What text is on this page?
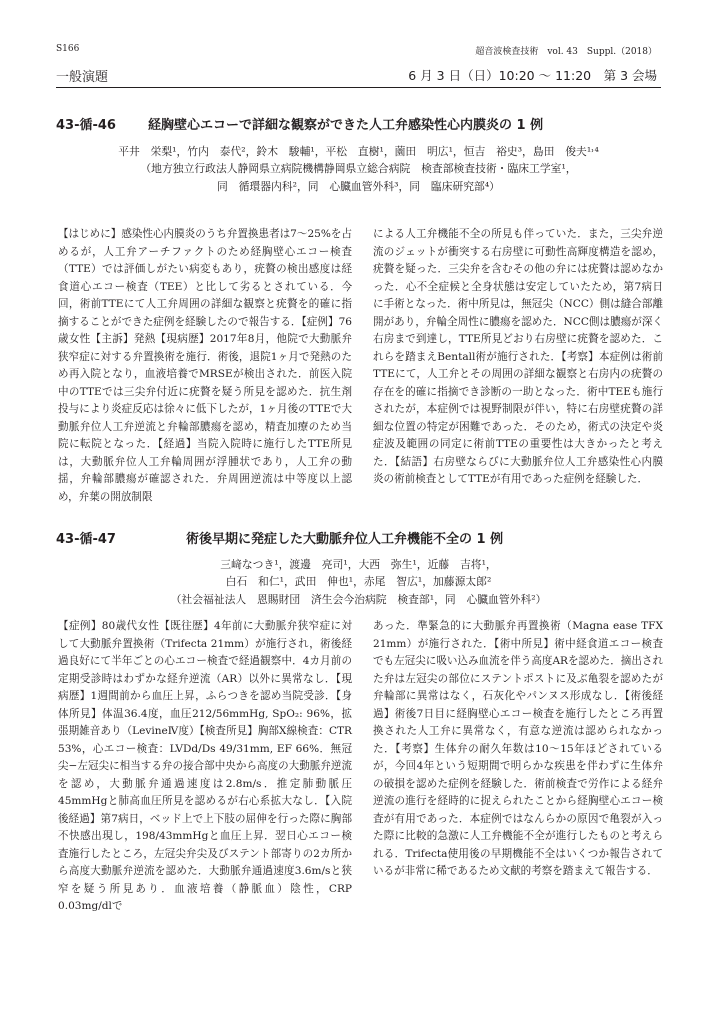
S166	超音波検査技術　vol. 43　Suppl.（2018）
一般演題	6 月 3 日（日）10:20 〜 11:20　第 3 会場
43-循-46 経胸壁心エコーで詳細な観察ができた人工弁感染性心内膜炎の 1 例
平井　栄梨¹，竹内　泰代²，鈴木　駿輔¹，平松　直樹¹，薗田　明広¹，恒吉　裕史³，島田　俊夫¹˒⁴
（地方独立行政法人静岡県立病院機構静岡県立総合病院　検査部検査技術・臨床工学室¹，
同　循環器内科²，同　心臓血管外科³，同　臨床研究部⁴）

【はじめに】感染性心内膜炎のうち弁置換患者は7〜25%を占めるが，人工弁アーチファクトのため経胸壁心エコー検査（TTE）では評価しがたい病変もあり，疣贅の検出感度は経食道心エコー検査（TEE）と比して劣るとされている．今回，術前TTEにて人工弁周囲の詳細な観察と疣贅を的確に指摘することができた症例を経験したので報告する．【症例】76歳女性【主訴】発熱【現病歴】2017年8月，他院で大動脈弁狭窄症に対する弁置換術を施行．術後，退院1ヶ月で発熱のため再入院となり，血液培養でMRSEが検出された．前医入院中のTTEでは三尖弁付近に疣贅を疑う所見を認めた．抗生剤投与により炎症反応は徐々に低下したが，1ヶ月後のTTEで大動脈弁位人工弁逆流と弁輪部膿瘍を認め，精査加療のため当院に転院となった．【経過】当院入院時に施行したTTE所見は，大動脈弁位人工弁輪周囲が浮腫状であり，人工弁の動揺，弁輪部膿瘍が確認された．弁周囲逆流は中等度以上認め，弁葉の開放制限

による人工弁機能不全の所見も伴っていた．また，三尖弁逆流のジェットが衝突する右房壁に可動性高輝度構造を認め，疣贅を疑った．三尖弁を含むその他の弁には疣贅は認めなかった．心不全症候と全身状態は安定していたため，第7病日に手術となった．術中所見は，無冠尖（NCC）側は縫合部離開があり，弁輪全周性に膿瘍を認めた．NCC側は膿瘍が深く右房まで到達し，TTE所見どおり右房壁に疣贅を認めた．これらを踏まえBentall術が施行された．【考察】本症例は術前TTEにて，人工弁とその周囲の詳細な観察と右房内の疣贅の存在を的確に指摘でき診断の一助となった．術中TEEも施行されたが，本症例では視野制限が伴い，特に右房壁疣贅の詳細な位置の特定が困難であった．そのため，術式の決定や炎症波及範囲の同定に術前TTEの重要性は大きかったと考えた．【結語】右房壁ならびに大動脈弁位人工弁感染性心内膜炎の術前検査としてTTEが有用であった症例を経験した．

43-循-47	術後早期に発症した大動脈弁位人工弁機能不全の 1 例
三﨑なつき¹，渡邊　亮司¹，大西　弥生¹，近藤　吉将¹，
白石　和仁¹，武田　伸也¹，赤尾　智広¹，加藤源太郎²
（社会福祉法人　恩賜財団　済生会今治病院　検査部¹，同　心臓血管外科²）

【症例】80歳代女性【既往歴】4年前に大動脈弁狭窄症に対して大動脈弁置換術（Trifecta 21mm）が施行され，術後経過良好にて半年ごとの心エコー検査で経過観察中．4カ月前の定期受診時はわずかな経弁逆流（AR）以外に異常なし．【現病歴】1週間前から血圧上昇，ふらつきを認め当院受診．【身体所見】体温36.4度，血圧212/56mmHg, SpO₂: 96%，拡張期雑音あり（LevineⅣ度）【検査所見】胸部X線検査：CTR 53%，心エコー検査：LVDd/Ds 49/31mm, EF 66%．無冠尖−左冠尖に相当する弁の接合部中央から高度の大動脈弁逆流を認め，大動脈弁通過速度は2.8m/s．推定肺動脈圧45mmHgと肺高血圧所見を認めるが右心系拡大なし．【入院後経過】第7病日，ベッド上で上下肢の屈伸を行った際に胸部不快感出現し，198/43mmHgと血圧上昇．翌日心エコー検査施行したところ，左冠尖弁尖及びステント部寄りの2カ所から高度大動脈弁逆流を認めた．大動脈弁通過速度3.6m/sと狭窄を疑う所見あり．血液培養（静脈血）陰性，CRP 0.03mg/dlで

あった．準緊急的に大動脈弁再置換術（Magna ease TFX 21mm）が施行された．【術中所見】術中経食道エコー検査でも左冠尖に吸い込み血流を伴う高度ARを認めた．摘出された弁は左冠尖の部位にステントポストに及ぶ亀裂を認めたが弁輪部に異常はなく，石灰化やパンヌス形成なし．【術後経過】術後7日目に経胸壁心エコー検査を施行したところ再置換された人工弁に異常なく，有意な逆流は認められなかった．【考察】生体弁の耐久年数は10〜15年ほどされているが，今回4年という短期間で明らかな疾患を伴わずに生体弁の破損を認めた症例を経験した．術前検査で労作による経弁逆流の進行を経時的に捉えられたことから経胸壁心エコー検査が有用であった．本症例ではなんらかの原因で亀裂が入った際に比較的急激に人工弁機能不全が進行したものと考えられる．Trifecta使用後の早期機能不全はいくつか報告されているが非常に稀であるため文献的考察を踏まえて報告する．
